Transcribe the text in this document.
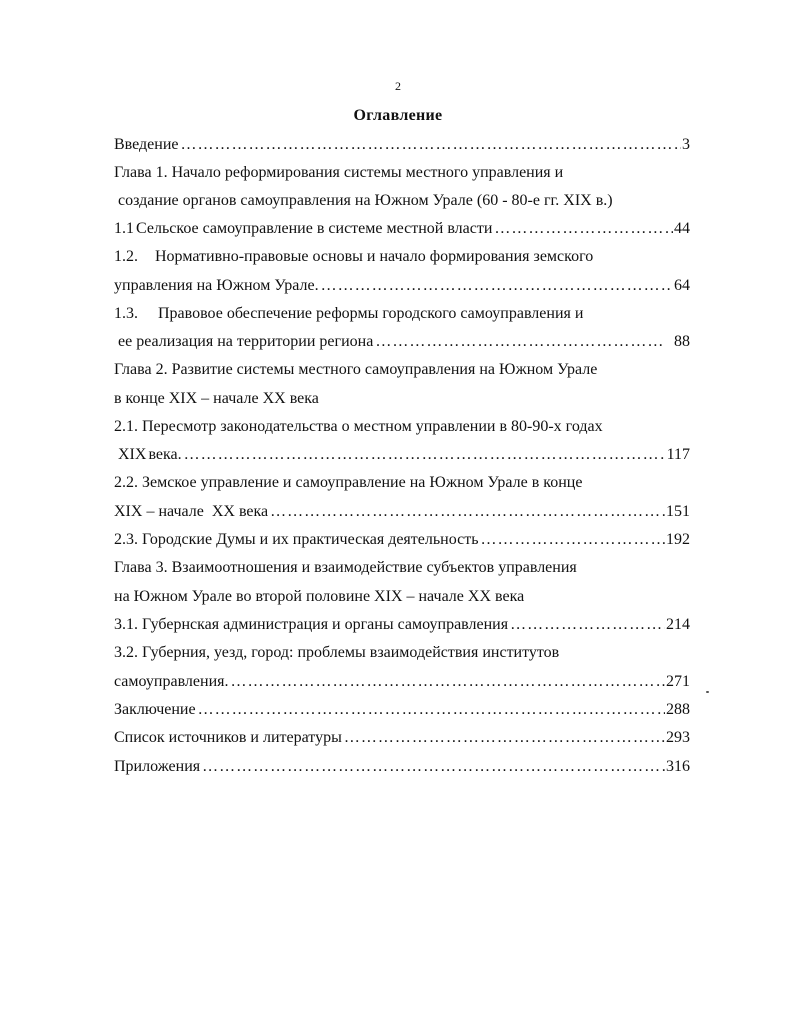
2
Оглавление
Введение ……………………………………………………………………………………………………………………………………………………………………………………………………	3
Глава 1. Начало реформирования системы местного управления и
создание органов самоуправления на Южном Урале (60 - 80-е гг. XIX в.)
1.1 Сельское самоуправление в системе местной власти ……………………………………………………………………………………………………………………………………………………………………………………………………	44
1.2. Нормативно-правовые основы и начало формирования земского
управления на Южном Урале. ……………………………………………………………………………………………………………………………………………………………………………………………………	64
1.3. Правовое обеспечение реформы городского самоуправления и
ее реализация на территории региона ……………………………………………………………………………………………………………………………………………………………………………………………………	88
Глава 2. Развитие системы местного самоуправления на Южном Урале
в конце XIX – начале XX века
2.1. Пересмотр законодательства о местном управлении в 80-90-х годах
XIX века. ……………………………………………………………………………………………………………………………………………………………………………………………………	117
2.2. Земское управление и самоуправление на Южном Урале в конце
XIX – начале  XX века ……………………………………………………………………………………………………………………………………………………………………………………………………	151
2.3. Городские Думы и их практическая деятельность ……………………………………………………………………………………………………………………………………………………………………………………………………	192
Глава 3. Взаимоотношения и взаимодействие субъектов управления
на Южном Урале во второй половине XIX – начале XX века
3.1. Губернская администрация и органы самоуправления ……………………………………………………………………………………………………………………………………………………………………………………………………	214
3.2. Губерния, уезд, город: проблемы взаимодействия институтов
самоуправления. ……………………………………………………………………………………………………………………………………………………………………………………………………	271
Заключение ……………………………………………………………………………………………………………………………………………………………………………………………………	288
Список источников и литературы ……………………………………………………………………………………………………………………………………………………………………………………………………	293
Приложения ……………………………………………………………………………………………………………………………………………………………………………………………………	316
